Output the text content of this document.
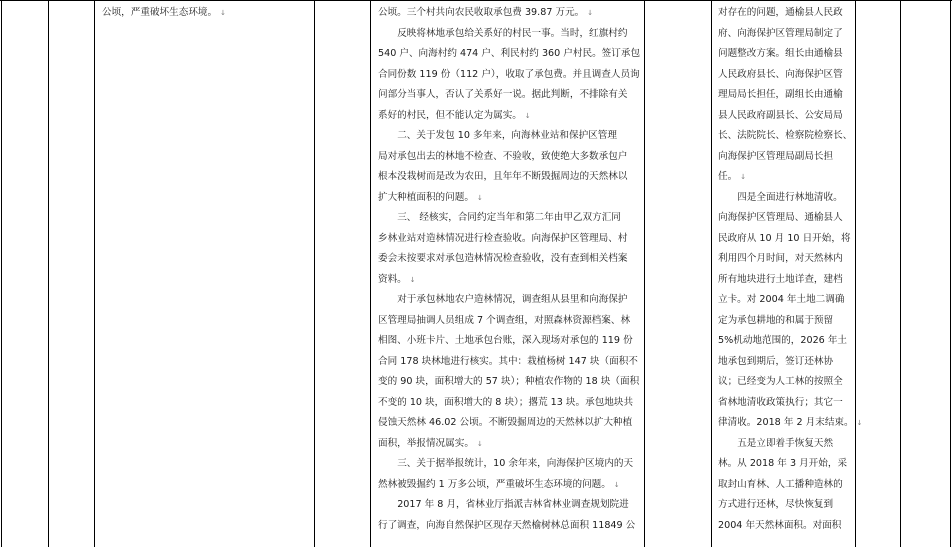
公顷，严重破坏生态环境。 ↓	公顷。三个村共向农民收取承包费 39.87 万元。 ↓

反映将林地承包给关系好的村民一事。当时，红旗村约

540 户、向海村约 474 户、利民村约 360 户村民。签订承包

合同份数 119 份（112 户），收取了承包费。并且调查人员询

问部分当事人，否认了关系好一说。据此判断，不排除有关

系好的村民，但不能认定为属实。 ↓

二、关于发包 10 多年来，向海林业站和保护区管理

局对承包出去的林地不检查、不验收，致使绝大多数承包户

根本没栽树而是改为农田，且年年不断毁掘周边的天然林以

扩大种植面积的问题。 ↓

三、 经核实，合同约定当年和第二年由甲乙双方汇同

乡林业站对造林情况进行检查验收。向海保护区管理局、村

委会未按要求对承包造林情况检查验收，没有查到相关档案

资料。 ↓

对于承包林地农户造林情况，调查组从县里和向海保护

区管理局抽调人员组成 7 个调查组，对照森林资源档案、林

相图、小班卡片、土地承包台账，深入现场对承包的 119 份

合同 178 块林地进行核实。其中：栽植杨树 147 块（面积不

变的 90 块，面积增大的 57 块）；种植农作物的 18 块（面积

不变的 10 块，面积增大的 8 块）；撂荒 13 块。承包地块共

侵蚀天然林 46.02 公顷。不断毁掘周边的天然林以扩大种植

面积，举报情况属实。 ↓

三、关于据举报统计，10 余年来，向海保护区境内的天

然林被毁掘约 1 万多公顷，严重破坏生态环境的问题。 ↓

2017 年 8 月，省林业厅指派吉林省林业调查规划院进

行了调查，向海自然保护区现存天然榆树林总面积 11849 公

对存在的问题，通榆县人民政

府、向海保护区管理局制定了

问题整改方案。组长由通榆县

人民政府县长、向海保护区管

理局局长担任，副组长由通榆

县人民政府副县长、公安局局

长、法院院长、检察院检察长、

向海保护区管理局副局长担

任。 ↓

四是全面进行林地清收。

向海保护区管理局、通榆县人

民政府从 10 月 10 日开始，将

利用四个月时间，对天然林内

所有地块进行土地详查，建档

立卡。对 2004 年土地二调确

定为承包耕地的和属于预留

5%机动地范围的，2026 年土

地承包到期后，签订还林协

议；已经变为人工林的按照全

省林地清收政策执行；其它一

律清收。2018 年 2 月末结束。 ↓

五是立即着手恢复天然

林。从 2018 年 3 月开始，采

取封山育林、人工播种造林的

方式进行还林，尽快恢复到

2004 年天然林面积。对面积
